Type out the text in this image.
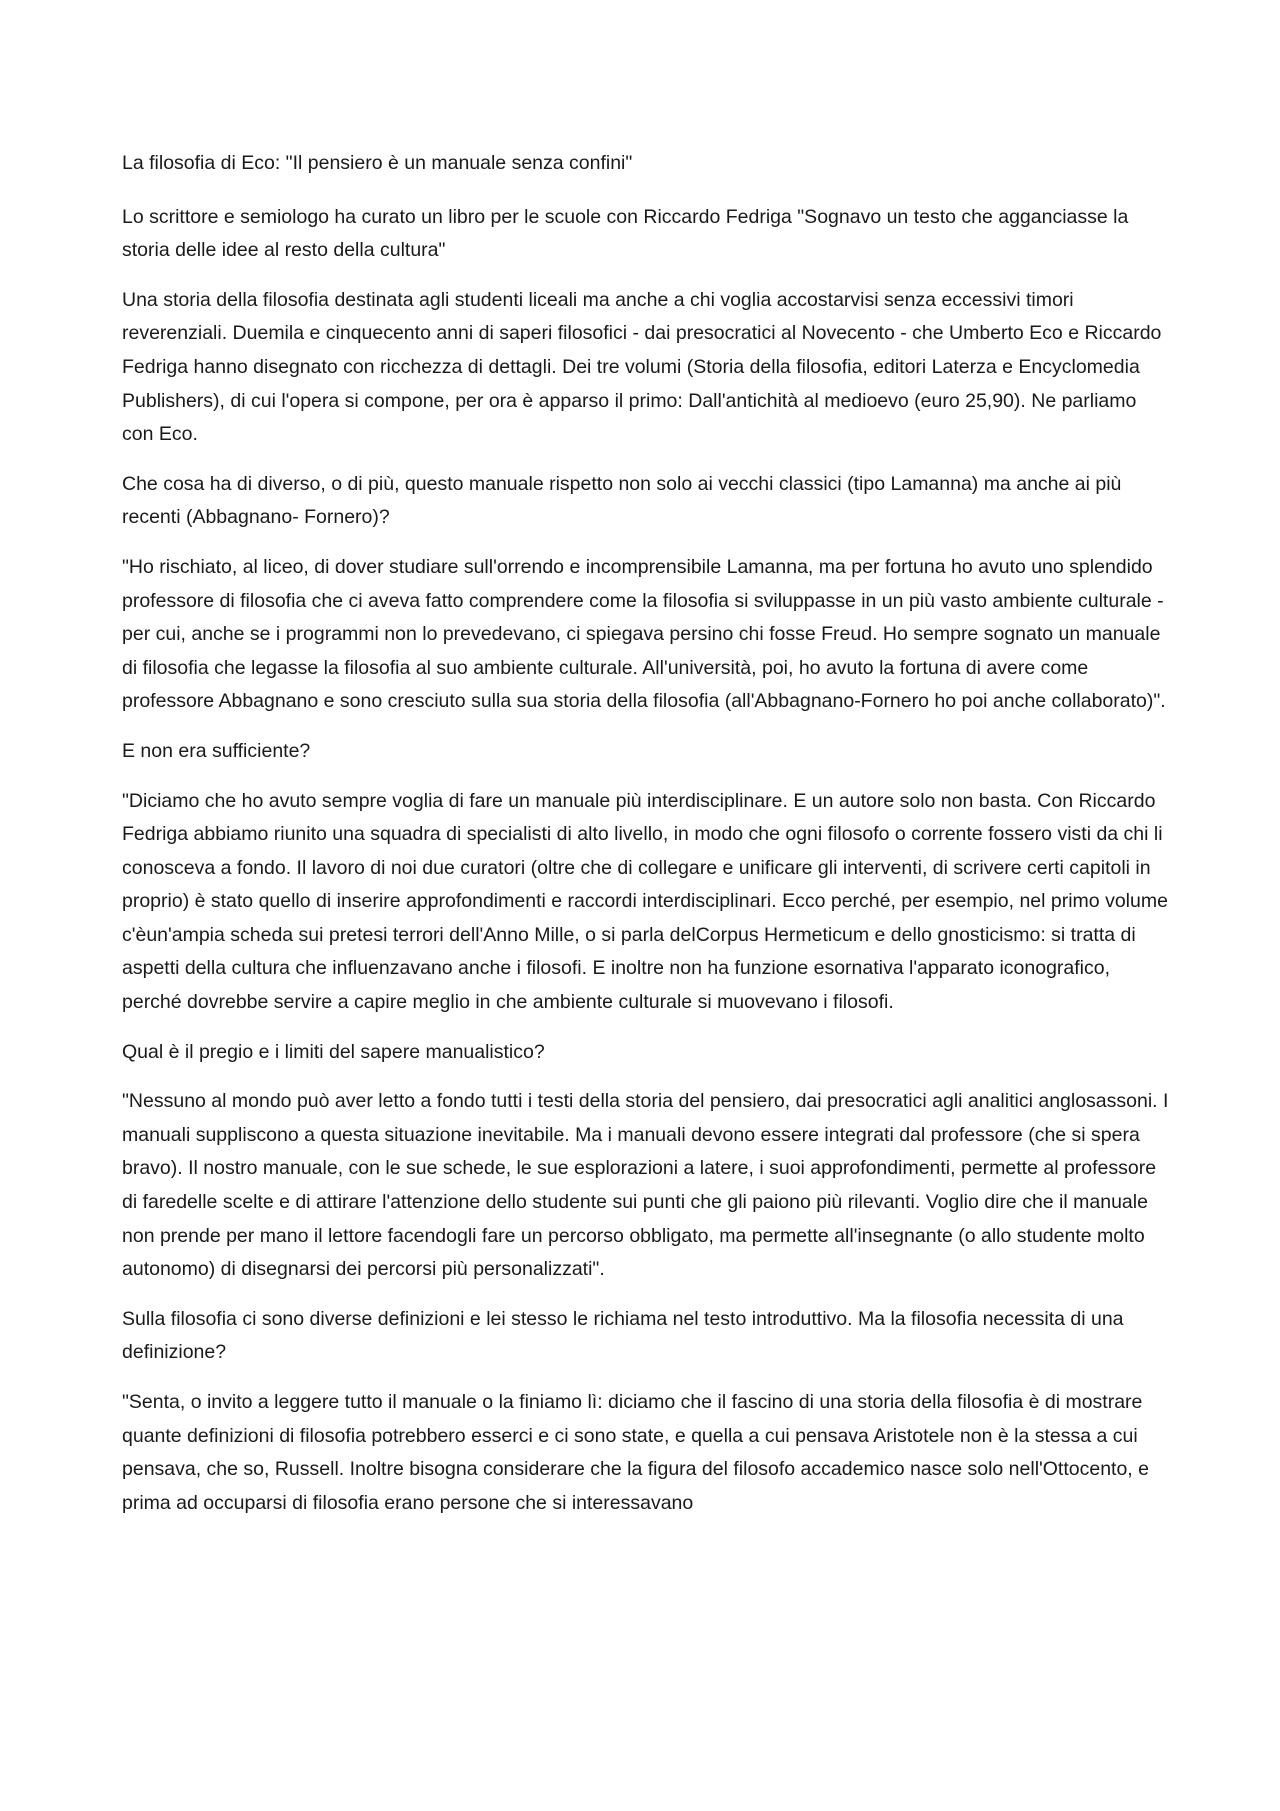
La filosofia di Eco: "Il pensiero è un manuale senza confini"

Lo scrittore e semiologo ha curato un libro per le scuole con Riccardo Fedriga "Sognavo un testo che agganciasse la storia delle idee al resto della cultura"

Una storia della filosofia destinata agli studenti liceali ma anche a chi voglia accostarvisi senza eccessivi timori reverenziali. Duemila e cinquecento anni di saperi filosofici - dai presocratici al Novecento - che Umberto Eco e Riccardo Fedriga hanno disegnato con ricchezza di dettagli. Dei tre volumi (Storia della filosofia, editori Laterza e Encyclomedia Publishers), di cui l'opera si compone, per ora è apparso il primo: Dall'antichità al medioevo (euro 25,90). Ne parliamo con Eco.

Che cosa ha di diverso, o di più, questo manuale rispetto non solo ai vecchi classici (tipo Lamanna) ma anche ai più recenti (Abbagnano- Fornero)?

"Ho rischiato, al liceo, di dover studiare sull'orrendo e incomprensibile Lamanna, ma per fortuna ho avuto uno splendido professore di filosofia che ci aveva fatto comprendere come la filosofia si sviluppasse in un più vasto ambiente culturale - per cui, anche se i programmi non lo prevedevano, ci spiegava persino chi fosse Freud. Ho sempre sognato un manuale di filosofia che legasse la filosofia al suo ambiente culturale. All'università, poi, ho avuto la fortuna di avere come professore Abbagnano e sono cresciuto sulla sua storia della filosofia (all'Abbagnano-Fornero ho poi anche collaborato)".

E non era sufficiente?

"Diciamo che ho avuto sempre voglia di fare un manuale più interdisciplinare. E un autore solo non basta. Con Riccardo Fedriga abbiamo riunito una squadra di specialisti di alto livello, in modo che ogni filosofo o corrente fossero visti da chi li conosceva a fondo. Il lavoro di noi due curatori (oltre che di collegare e unificare gli interventi, di scrivere certi capitoli in proprio) è stato quello di inserire approfondimenti e raccordi interdisciplinari. Ecco perché, per esempio, nel primo volume c'èun'ampia scheda sui pretesi terrori dell'Anno Mille, o si parla delCorpus Hermeticum e dello gnosticismo: si tratta di aspetti della cultura che influenzavano anche i filosofi. E inoltre non ha funzione esornativa l'apparato iconografico, perché dovrebbe servire a capire meglio in che ambiente culturale si muovevano i filosofi.

Qual è il pregio e i limiti del sapere manualistico?

"Nessuno al mondo può aver letto a fondo tutti i testi della storia del pensiero, dai presocratici agli analitici anglosassoni. I manuali suppliscono a questa situazione inevitabile. Ma i manuali devono essere integrati dal professore (che si spera bravo). Il nostro manuale, con le sue schede, le sue esplorazioni a latere, i suoi approfondimenti, permette al professore di faredelle scelte e di attirare l'attenzione dello studente sui punti che gli paiono più rilevanti. Voglio dire che il manuale non prende per mano il lettore facendogli fare un percorso obbligato, ma permette all'insegnante (o allo studente molto autonomo) di disegnarsi dei percorsi più personalizzati".

Sulla filosofia ci sono diverse definizioni e lei stesso le richiama nel testo introduttivo. Ma la filosofia necessita di una definizione?

"Senta, o invito a leggere tutto il manuale o la finiamo lì: diciamo che il fascino di una storia della filosofia è di mostrare quante definizioni di filosofia potrebbero esserci e ci sono state, e quella a cui pensava Aristotele non è la stessa a cui pensava, che so, Russell. Inoltre bisogna considerare che la figura del filosofo accademico nasce solo nell'Ottocento, e prima ad occuparsi di filosofia erano persone che si interessavano
